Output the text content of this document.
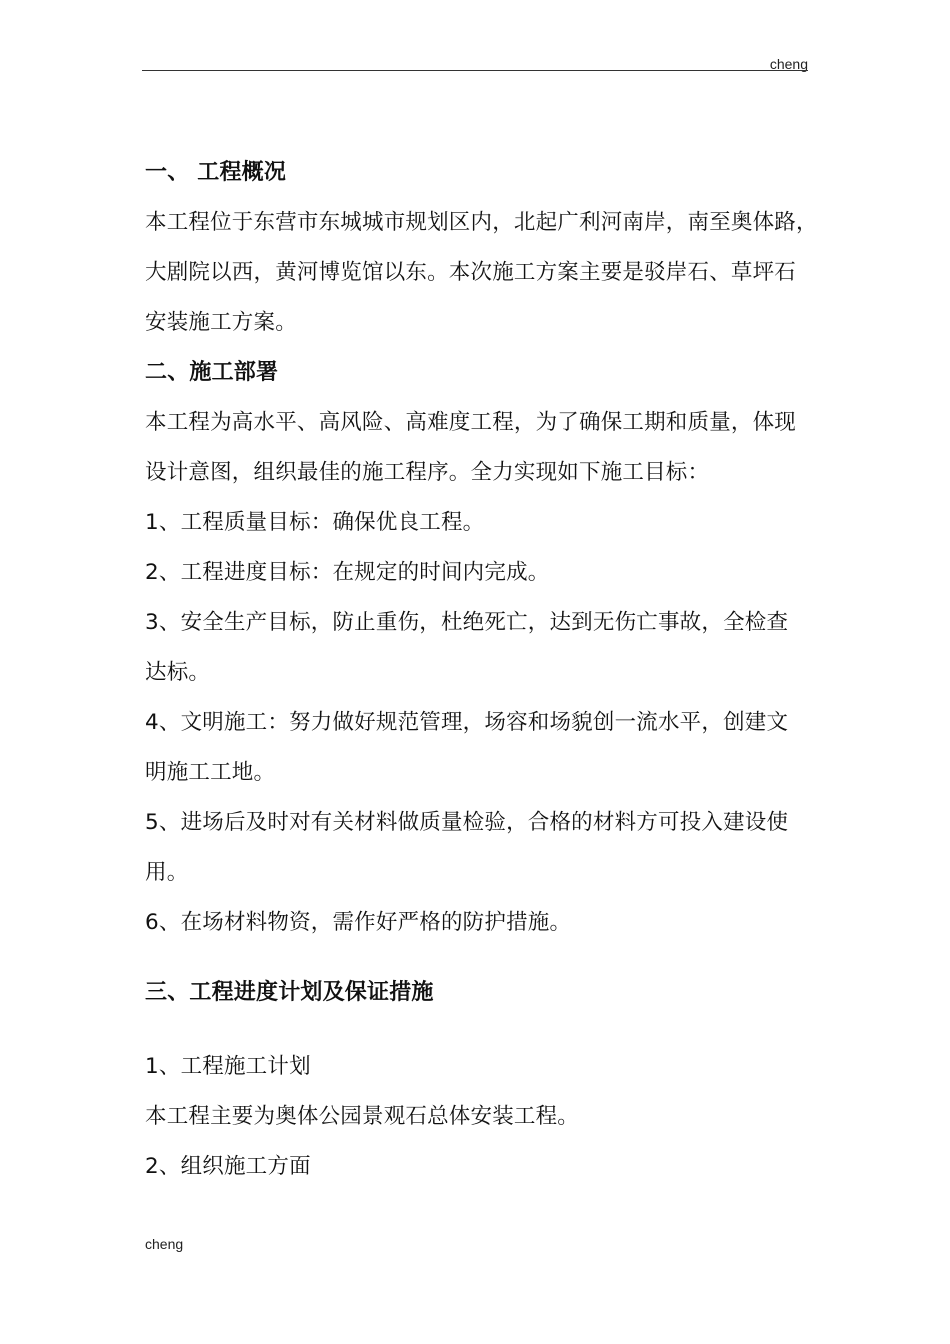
cheng
一、 工程概况
本工程位于东营市东城城市规划区内，北起广利河南岸，南至奥体路，
大剧院以西，黄河博览馆以东。本次施工方案主要是驳岸石、草坪石
安装施工方案。
二、施工部署
本工程为高水平、高风险、高难度工程，为了确保工期和质量，体现
设计意图，组织最佳的施工程序。全力实现如下施工目标：
1、工程质量目标：确保优良工程。
2、工程进度目标：在规定的时间内完成。
3、安全生产目标，防止重伤，杜绝死亡，达到无伤亡事故，全检查
达标。
4、文明施工：努力做好规范管理，场容和场貌创一流水平，创建文
明施工工地。
5、进场后及时对有关材料做质量检验，合格的材料方可投入建设使
用。
6、在场材料物资，需作好严格的防护措施。
三、工程进度计划及保证措施
1、工程施工计划
本工程主要为奥体公园景观石总体安装工程。
2、组织施工方面
cheng
